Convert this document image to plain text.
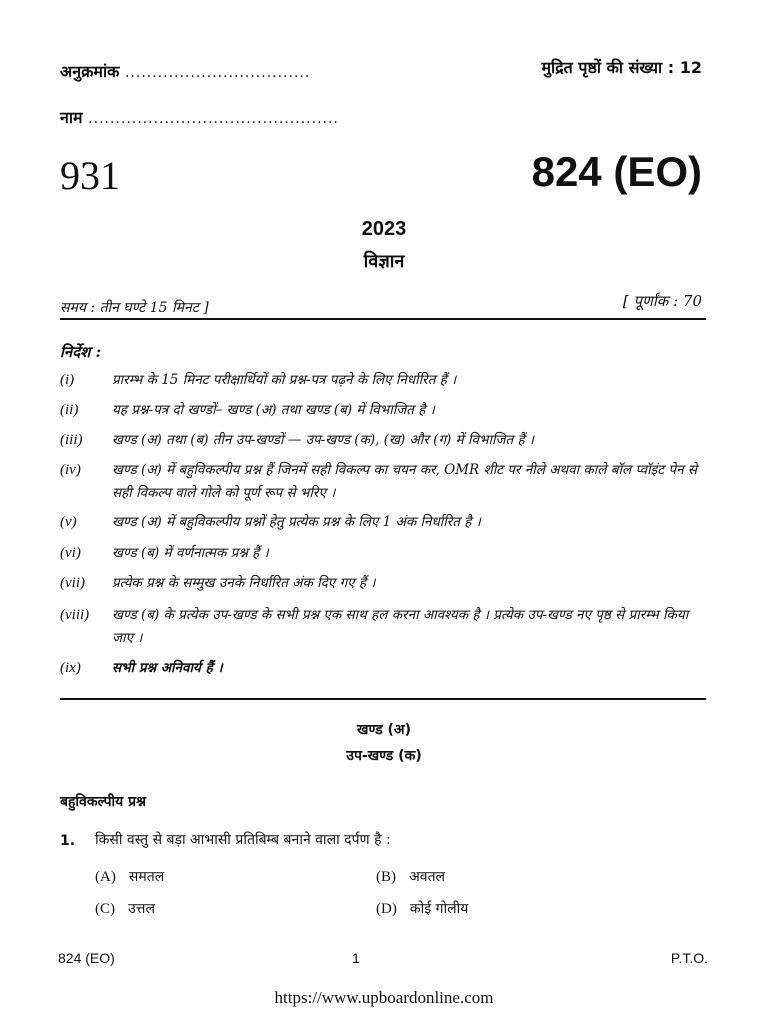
अनुक्रमांक ..................................	मुद्रित पृष्ठों की संख्या : 12
नाम ..............................................
931	824 (EO)
2023
विज्ञान
समय : तीन घण्टे 15 मिनट ]	[ पूर्णांक : 70
निर्देश :
(i)	प्रारम्भ के 15 मिनट परीक्षार्थियों को प्रश्न-पत्र पढ़ने के लिए निर्धारित हैं ।
(ii)	यह प्रश्न-पत्र दो खण्डों– खण्ड (अ) तथा खण्ड (ब) में विभाजित है ।
(iii)	खण्ड (अ) तथा (ब) तीन उप-खण्डों — उप-खण्ड (क), (ख) और (ग) में विभाजित हैं ।
(iv)	खण्ड (अ) में बहुविकल्पीय प्रश्न हैं जिनमें सही विकल्प का चयन कर, OMR शीट पर नीले अथवा काले बॉल प्वॉइंट पेन से सही विकल्प वाले गोले को पूर्ण रूप से भरिए ।
(v)	खण्ड (अ) में बहुविकल्पीय प्रश्नों हेतु प्रत्येक प्रश्न के लिए 1 अंक निर्धारित है ।
(vi)	खण्ड (ब) में वर्णनात्मक प्रश्न हैं ।
(vii)	प्रत्येक प्रश्न के सम्मुख उनके निर्धारित अंक दिए गए हैं ।
(viii)	खण्ड (ब) के प्रत्येक उप-खण्ड के सभी प्रश्न एक साथ हल करना आवश्यक है । प्रत्येक उप-खण्ड नए पृष्ठ से प्रारम्भ किया जाए ।
(ix)	सभी प्रश्न अनिवार्य हैं ।
खण्ड (अ)
उप-खण्ड (क)
बहुविकल्पीय प्रश्न
1. किसी वस्तु से बड़ा आभासी प्रतिबिम्ब बनाने वाला दर्पण है :
(A) समतल	(B) अवतल
(C) उत्तल	(D) कोई गोलीय
824 (EO)	1	P.T.O.
https://www.upboardonline.com
